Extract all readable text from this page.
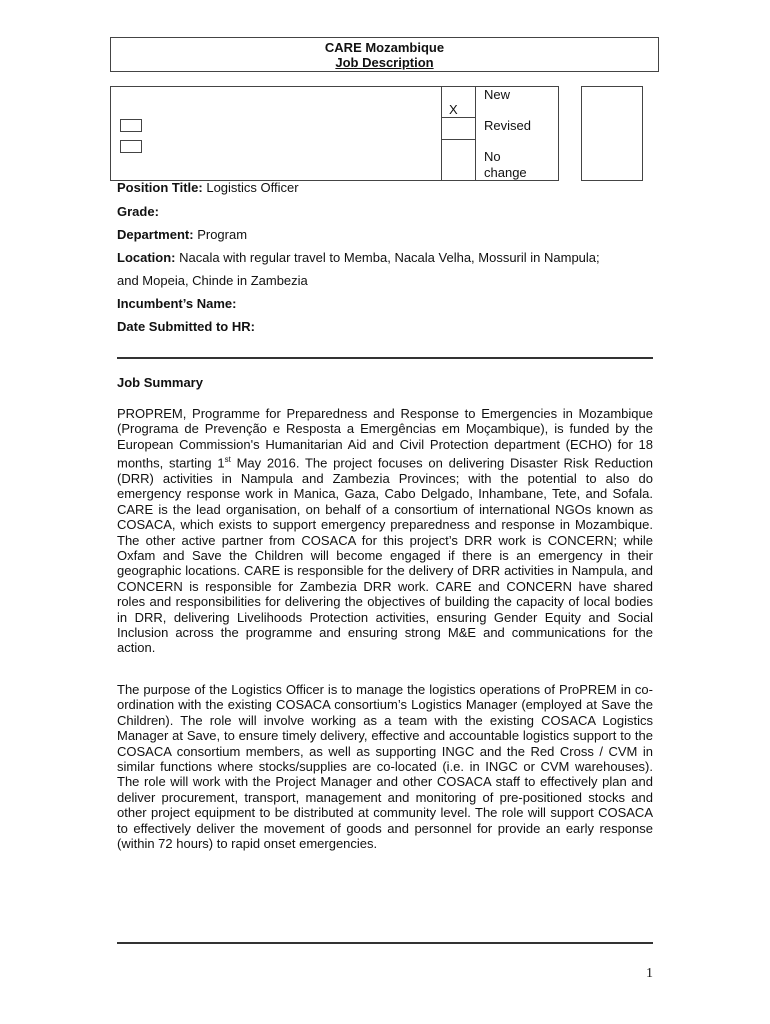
CARE Mozambique
Job Description
X
New
Revised
No change
Position Title: Logistics Officer
Grade:
Department: Program
Location: Nacala with regular travel to Memba, Nacala Velha, Mossuril in Nampula;
and Mopeia, Chinde in Zambezia
Incumbent’s Name:
Date Submitted to HR:
Job Summary
PROPREM, Programme for Preparedness and Response to Emergencies in Mozambique (Programa de Prevenção e Resposta a Emergências em Moçambique), is funded by the European Commission's Humanitarian Aid and Civil Protection department (ECHO) for 18 months, starting 1st May 2016. The project focuses on delivering Disaster Risk Reduction (DRR) activities in Nampula and Zambezia Provinces; with the potential to also do emergency response work in Manica, Gaza, Cabo Delgado, Inhambane, Tete, and Sofala. CARE is the lead organisation, on behalf of a consortium of international NGOs known as COSACA, which exists to support emergency preparedness and response in Mozambique. The other active partner from COSACA for this project’s DRR work is CONCERN; while Oxfam and Save the Children will become engaged if there is an emergency in their geographic locations. CARE is responsible for the delivery of DRR activities in Nampula, and CONCERN is responsible for Zambezia DRR work. CARE and CONCERN have shared roles and responsibilities for delivering the objectives of building the capacity of local bodies in DRR, delivering Livelihoods Protection activities, ensuring Gender Equity and Social Inclusion across the programme and ensuring strong M&E and communications for the action.
The purpose of the Logistics Officer is to manage the logistics operations of ProPREM in co-ordination with the existing COSACA consortium’s Logistics Manager (employed at Save the Children). The role will involve working as a team with the existing COSACA Logistics Manager at Save, to ensure timely delivery, effective and accountable logistics support to the COSACA consortium members, as well as supporting INGC and the Red Cross / CVM in similar functions where stocks/supplies are co-located (i.e. in INGC or CVM warehouses). The role will work with the Project Manager and other COSACA staff to effectively plan and deliver procurement, transport, management and monitoring of pre-positioned stocks and other project equipment to be distributed at community level. The role will support COSACA to effectively deliver the movement of goods and personnel for provide an early response (within 72 hours) to rapid onset emergencies.
1
